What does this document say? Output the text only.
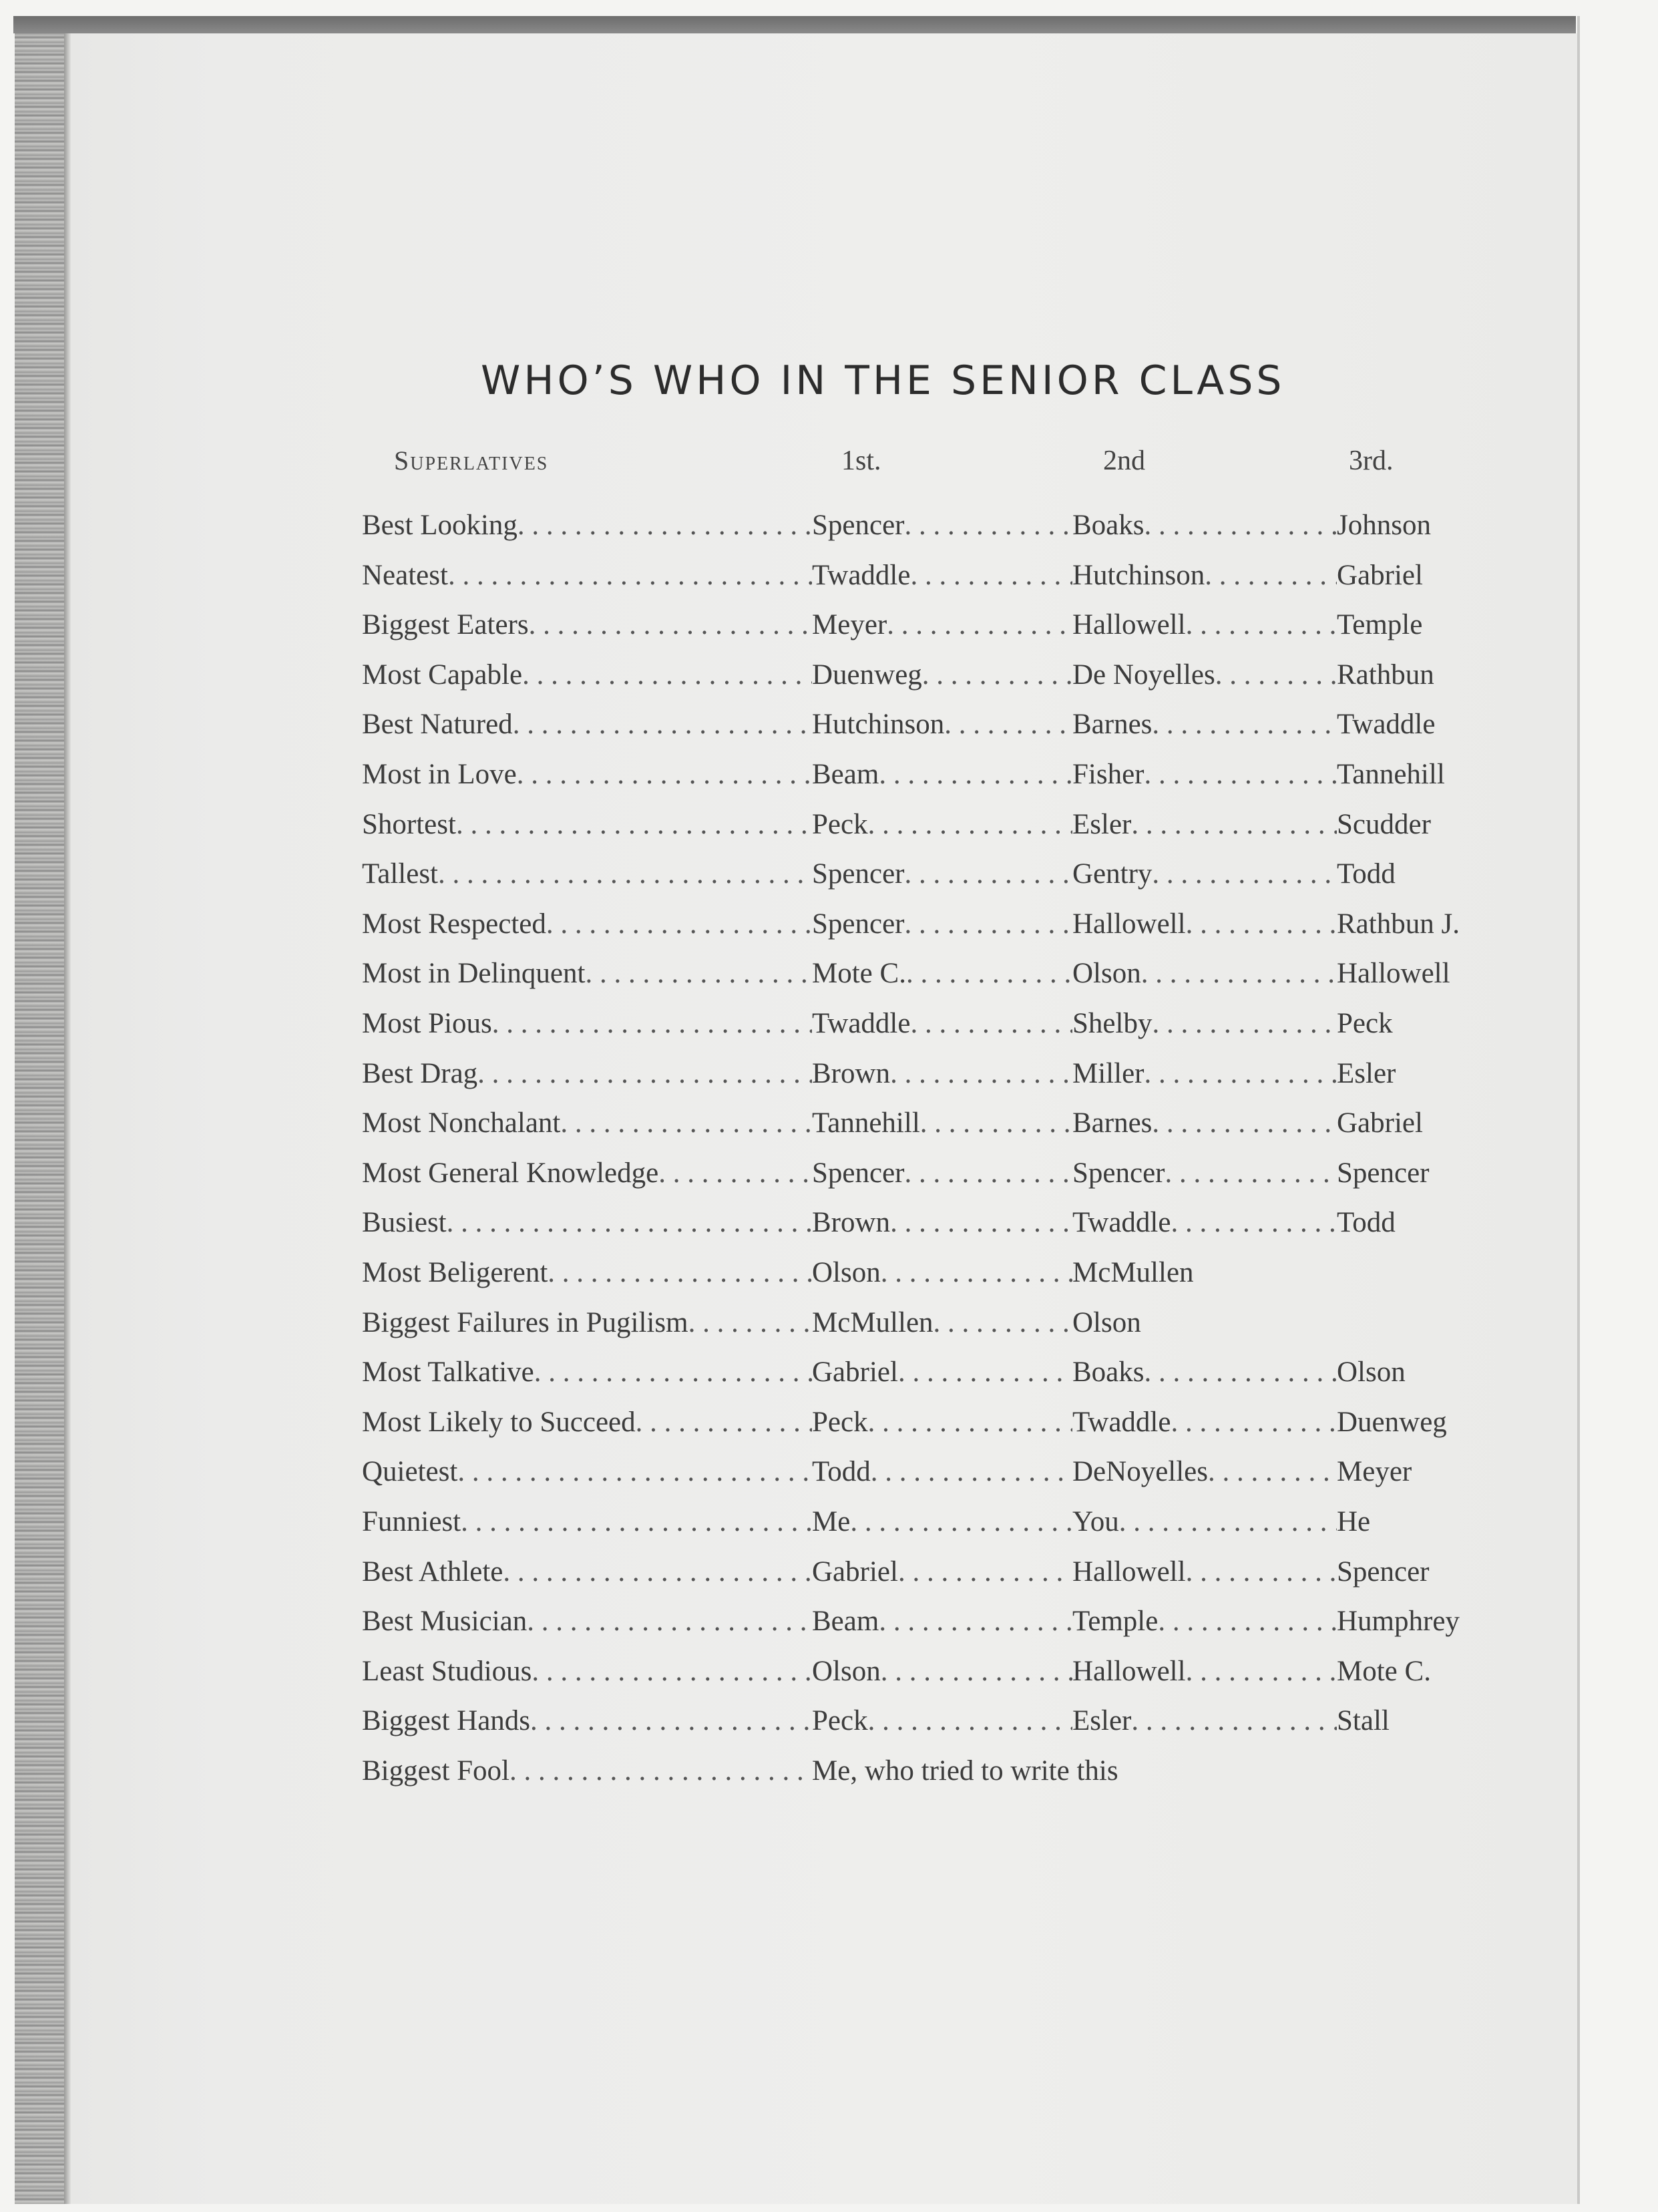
WHO’S WHO IN THE SENIOR CLASS
Superlatives	1st.	2nd	3rd.
Best Looking . . .	Spencer . . .	Boaks . . .	Johnson
Neatest . . .	Twaddle . . .	Hutchinson . . .	Gabriel
Biggest Eaters . . .	Meyer . . .	Hallowell . . .	Temple
Most Capable . . .	Duenweg . . .	De Noyelles . . .	Rathbun
Best Natured . . .	Hutchinson . . .	Barnes . . .	Twaddle
Most in Love . . .	Beam . . .	Fisher . . .	Tannehill
Shortest . . .	Peck . . .	Esler . . .	Scudder
Tallest . . .	Spencer . . .	Gentry . . .	Todd
Most Respected . . .	Spencer . . .	Hallowell . . .	Rathbun J.
Most in Delinquent . . .	Mote C. . . .	Olson . . .	Hallowell
Most Pious . . .	Twaddle . . .	Shelby . . .	Peck
Best Drag . . .	Brown . . .	Miller . . .	Esler
Most Nonchalant . . .	Tannehill . . .	Barnes . . .	Gabriel
Most General Knowledge . . .	Spencer . . .	Spencer . . .	Spencer
Busiest . . .	Brown . . .	Twaddle . . .	Todd
Most Beligerent . . .	Olson . . .	McMullen
Biggest Failures in Pugilism . . .	McMullen . . .	Olson
Most Talkative . . .	Gabriel . . .	Boaks . . .	Olson
Most Likely to Succeed . . .	Peck . . .	Twaddle . . .	Duenweg
Quietest . . .	Todd . . .	DeNoyelles . . .	Meyer
Funniest . . .	Me . . .	You . . .	He
Best Athlete . . .	Gabriel . . .	Hallowell . . .	Spencer
Best Musician . . .	Beam . . .	Temple . . .	Humphrey
Least Studious . . .	Olson . . .	Hallowell . . .	Mote C.
Biggest Hands . . .	Peck . . .	Esler . . .	Stall
Biggest Fool . . .	Me, who tried to write this
